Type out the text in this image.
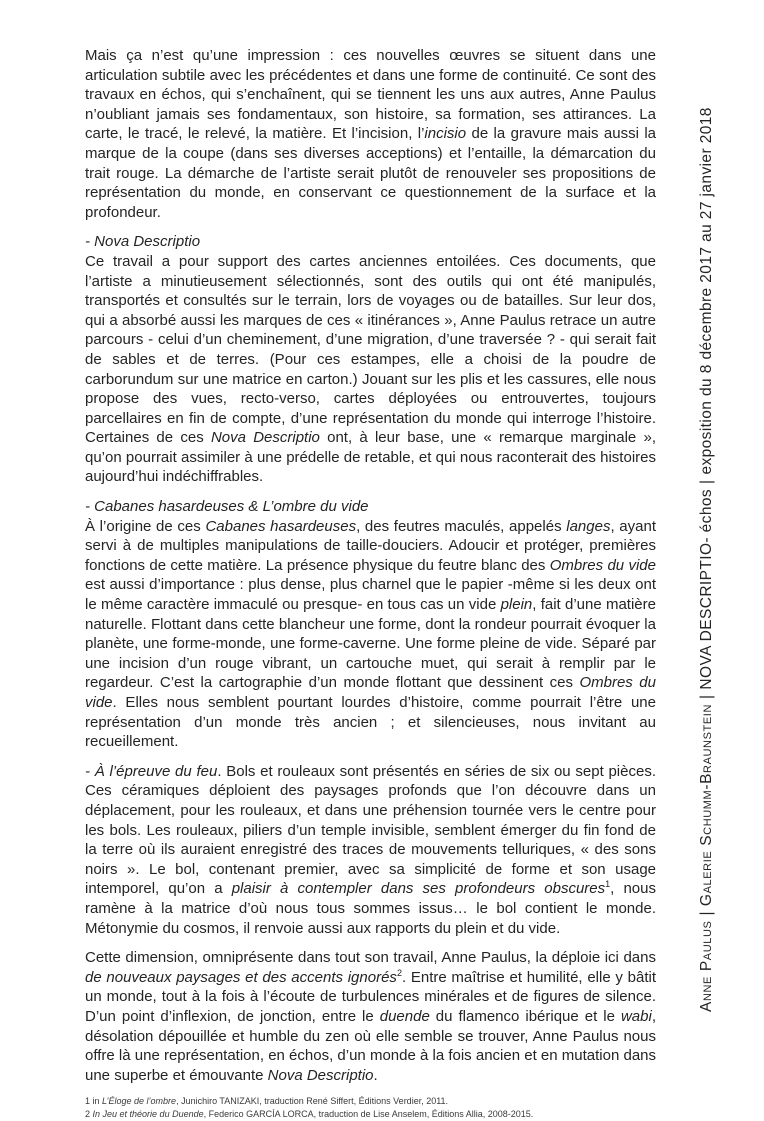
Mais ça n’est qu’une impression : ces nouvelles œuvres se situent dans une articulation subtile avec les précédentes et dans une forme de continuité. Ce sont des travaux en échos, qui s’enchaînent, qui se tiennent les uns aux autres, Anne Paulus n’oubliant jamais ses fondamentaux, son histoire, sa formation, ses attirances. La carte, le tracé, le relevé, la matière. Et l’incision, l’incisio de la gravure mais aussi la marque de la coupe (dans ses diverses acceptions) et l’entaille, la démarcation du trait rouge. La démarche de l’artiste serait plutôt de renouveler ses propositions de représentation du monde, en conservant ce questionnement de la surface et la profondeur.
- Nova Descriptio
Ce travail a pour support des cartes anciennes entoilées. Ces documents, que l’artiste a minutieusement sélectionnés, sont des outils qui ont été manipulés, transportés et consultés sur le terrain, lors de voyages ou de batailles. Sur leur dos, qui a absorbé aussi les marques de ces « itinérances », Anne Paulus retrace un autre parcours - celui d’un cheminement, d’une migration, d’une traversée ? - qui serait fait de sables et de terres. (Pour ces estampes, elle a choisi de la poudre de carborundum sur une matrice en carton.) Jouant sur les plis et les cassures, elle nous propose des vues, recto-verso, cartes déployées ou entrouvertes, toujours parcellaires en fin de compte, d’une représentation du monde qui interroge l’histoire. Certaines de ces Nova Descriptio ont, à leur base, une « remarque marginale », qu’on pourrait assimiler à une prédelle de retable, et qui nous raconterait des histoires aujourd’hui indéchiffrables.
- Cabanes hasardeuses & L’ombre du vide
À l’origine de ces Cabanes hasardeuses, des feutres maculés, appelés langes, ayant servi à de multiples manipulations de taille-douciers. Adoucir et protéger, premières fonctions de cette matière. La présence physique du feutre blanc des Ombres du vide est aussi d’importance : plus dense, plus charnel que le papier -même si les deux ont le même caractère immaculé ou presque- en tous cas un vide plein, fait d’une matière naturelle. Flottant dans cette blancheur une forme, dont la rondeur pourrait évoquer la planète, une forme-monde, une forme-caverne. Une forme pleine de vide. Séparé par une incision d’un rouge vibrant, un cartouche muet, qui serait à remplir par le regardeur. C’est la cartographie d’un monde flottant que dessinent ces Ombres du vide. Elles nous semblent pourtant lourdes d’histoire, comme pourrait l’être une représentation d’un monde très ancien ; et silencieuses, nous invitant au recueillement.
- À l’épreuve du feu. Bols et rouleaux sont présentés en séries de six ou sept pièces. Ces céramiques déploient des paysages profonds que l’on découvre dans un déplacement, pour les rouleaux, et dans une préhension tournée vers le centre pour les bols. Les rouleaux, piliers d’un temple invisible, semblent émerger du fin fond de la terre où ils auraient enregistré des traces de mouvements telluriques, « des sons noirs ». Le bol, contenant premier, avec sa simplicité de forme et son usage intemporel, qu’on a plaisir à contempler dans ses profondeurs obscures$^1$, nous ramène à la matrice d’où nous tous sommes issus… le bol contient le monde. Métonymie du cosmos, il renvoie aussi aux rapports du plein et du vide.
Cette dimension, omniprésente dans tout son travail, Anne Paulus, la déploie ici dans de nouveaux paysages et des accents ignorés$^2$. Entre maîtrise et humilité, elle y bâtit un monde, tout à la fois à l’écoute de turbulences minérales et de figures de silence. D’un point d’inflexion, de jonction, entre le duende du flamenco ibérique et le wabi, désolation dépouillée et humble du zen où elle semble se trouver, Anne Paulus nous offre là une représentation, en échos, d’un monde à la fois ancien et en mutation dans une superbe et émouvante Nova Descriptio.
1 in L’Éloge de l’ombre, Junichiro TANIZAKI, traduction René Siffert, Éditions Verdier, 2011.
2 In Jeu et théorie du Duende, Federico GARCÍA LORCA, traduction de Lise Anselem, Éditions Allia, 2008-2015.
Anne Paulus|Galerie Schumm-Braunstein|NOVA DESCRIPTIO- échos|exposition du 8 décembre 2017 au 27 janvier 2018
